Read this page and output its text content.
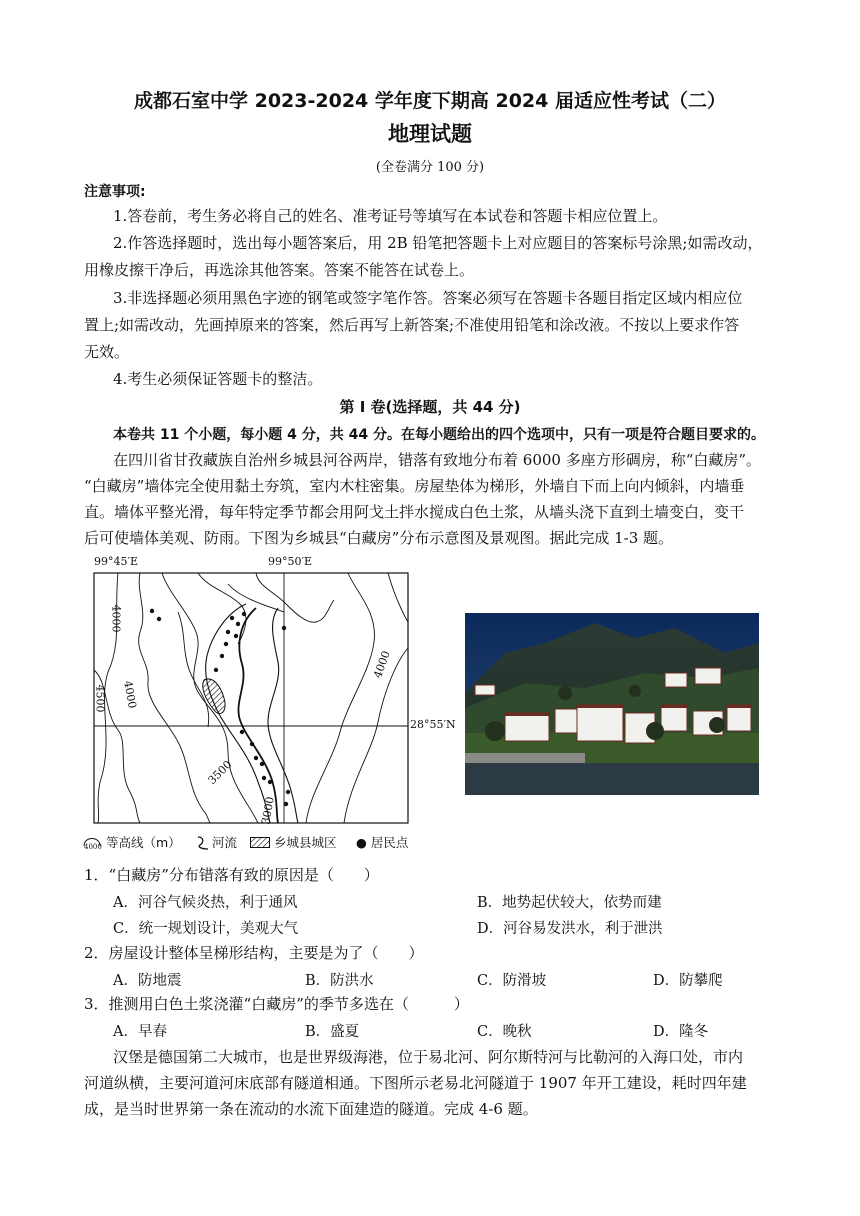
成都石室中学 2023-2024 学年度下期高 2024 届适应性考试（二）
地理试题
(全卷满分 100 分)
注意事项:
1.答卷前，考生务必将自己的姓名、准考证号等填写在本试卷和答题卡相应位置上。
2.作答选择题时，选出每小题答案后，用 2B 铅笔把答题卡上对应题目的答案标号涂黑;如需改动，
用橡皮擦干净后，再选涂其他答案。答案不能答在试卷上。
3.非选择题必须用黑色字迹的钢笔或签字笔作答。答案必须写在答题卡各题目指定区域内相应位
置上;如需改动，先画掉原来的答案，然后再写上新答案;不准使用铅笔和涂改液。不按以上要求作答
无效。
4.考生必须保证答题卡的整洁。
第 I 卷(选择题，共 44 分)
本卷共 11 个小题，每小题 4 分，共 44 分。在每小题给出的四个选项中，只有一项是符合题目要求的。
在四川省甘孜藏族自治州乡城县河谷两岸，错落有致地分布着 6000 多座方形碉房，称“白藏房”。
“白藏房”墙体完全使用黏土夯筑，室内木柱密集。房屋垫体为梯形，外墙自下而上向内倾斜，内墙垂
直。墙体平整光滑，每年特定季节都会用阿戈土拌水搅成白色土浆，从墙头浇下直到土墙变白，变干
后可使墙体美观、防雨。下图为乡城县“白藏房”分布示意图及景观图。据此完成 1-3 题。
99°45′E	99°50′E
28°55′N
4000
4500 4000
4000
3500
3000
4000 等高线（m）	河流	乡城县城区 ● 居民点
1．“白藏房”分布错落有致的原因是（　　）
A．河谷气候炎热，利于通风	B．地势起伏较大，依势而建
C．统一规划设计，美观大气	D．河谷易发洪水，利于泄洪
2．房屋设计整体呈梯形结构，主要是为了（　　）
A．防地震	B．防洪水	C．防滑坡	D．防攀爬
3．推测用白色土浆浇灌“白藏房”的季节多选在（　　　）
A．早春	B．盛夏	C．晚秋	D．隆冬
汉堡是德国第二大城市，也是世界级海港，位于易北河、阿尔斯特河与比勒河的入海口处，市内
河道纵横，主要河道河床底部有隧道相通。下图所示老易北河隧道于 1907 年开工建设，耗时四年建
成，是当时世界第一条在流动的水流下面建造的隧道。完成 4-6 题。
